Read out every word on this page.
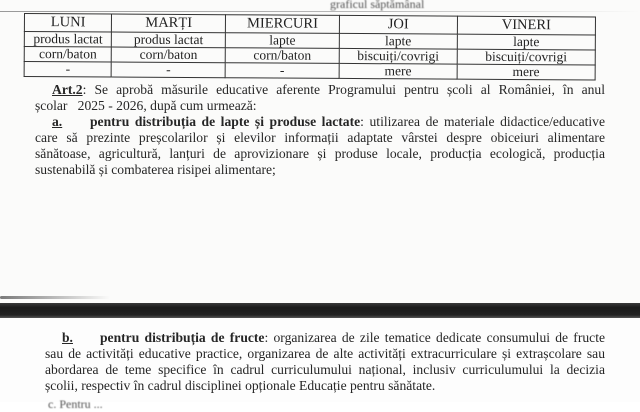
graficul săptămânal
LUNI	MARȚI	MIERCURI	JOI	VINERI
produs lactat	produs lactat	lapte	lapte	lapte
corn/baton	corn/baton	corn/baton	biscuiți/covrigi	biscuiți/covrigi
-	-	-	mere	mere
Art.2: Se aprobă măsurile educative aferente Programului pentru școli al României, în anul
școlar   2025 - 2026, după cum urmează:
a. pentru distribuția de lapte și produse lactate: utilizarea de materiale didactice/educative
care să prezinte preșcolarilor și elevilor informații adaptate vârstei despre obiceiuri alimentare
sănătoase, agricultură, lanțuri de aprovizionare și produse locale, producția ecologică, producția
sustenabilă și combaterea risipei alimentare;
b. pentru distribuția de fructe: organizarea de zile tematice dedicate consumului de fructe
sau de activități educative practice, organizarea de alte activități extracurriculare și extrașcolare sau
abordarea de teme specifice în cadrul curriculumului național, inclusiv curriculumului la decizia
școlii, respectiv în cadrul disciplinei opționale Educație pentru sănătate.
c. Pentru ...
